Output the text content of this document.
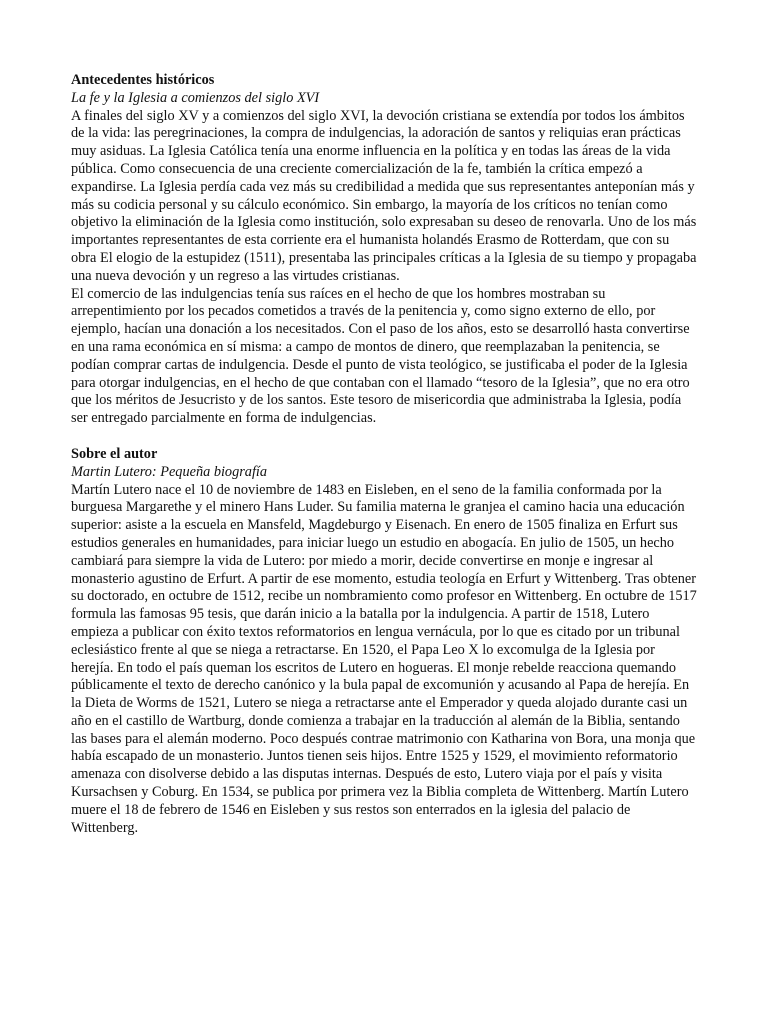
Antecedentes históricos

La fe y la Iglesia a comienzos del siglo XVI

A finales del siglo XV y a comienzos del siglo XVI, la devoción cristiana se extendía por todos los ámbitos de la vida: las peregrinaciones, la compra de indulgencias, la adoración de santos y reliquias eran prácticas muy asiduas. La Iglesia Católica tenía una enorme influencia en la política y en todas las áreas de la vida pública. Como consecuencia de una creciente comercialización de la fe, también la crítica empezó a expandirse. La Iglesia perdía cada vez más su credibilidad a medida que sus representantes anteponían más y más su codicia personal y su cálculo económico. Sin embargo, la mayoría de los críticos no tenían como objetivo la eliminación de la Iglesia como institución, solo expresaban su deseo de renovarla. Uno de los más importantes representantes de esta corriente era el humanista holandés Erasmo de Rotterdam, que con su obra El elogio de la estupidez (1511), presentaba las principales críticas a la Iglesia de su tiempo y propagaba una nueva devoción y un regreso a las virtudes cristianas.

El comercio de las indulgencias tenía sus raíces en el hecho de que los hombres mostraban su arrepentimiento por los pecados cometidos a través de la penitencia y, como signo externo de ello, por ejemplo, hacían una donación a los necesitados. Con el paso de los años, esto se desarrolló hasta convertirse en una rama económica en sí misma: a campo de montos de dinero, que reemplazaban la penitencia, se podían comprar cartas de indulgencia. Desde el punto de vista teológico, se justificaba el poder de la Iglesia para otorgar indulgencias, en el hecho de que contaban con el llamado “tesoro de la Iglesia”, que no era otro que los méritos de Jesucristo y de los santos. Este tesoro de misericordia que administraba la Iglesia, podía ser entregado parcialmente en forma de indulgencias.

Sobre el autor

Martin Lutero: Pequeña biografía

Martín Lutero nace el 10 de noviembre de 1483 en Eisleben, en el seno de la familia conformada por la burguesa Margarethe y el minero Hans Luder. Su familia materna le granjea el camino hacia una educación superior: asiste a la escuela en Mansfeld, Magdeburgo y Eisenach. En enero de 1505 finaliza en Erfurt sus estudios generales en humanidades, para iniciar luego un estudio en abogacía. En julio de 1505, un hecho cambiará para siempre la vida de Lutero: por miedo a morir, decide convertirse en monje e ingresar al monasterio agustino de Erfurt. A partir de ese momento, estudia teología en Erfurt y Wittenberg. Tras obtener su doctorado, en octubre de 1512, recibe un nombramiento como profesor en Wittenberg. En octubre de 1517 formula las famosas 95 tesis, que darán inicio a la batalla por la indulgencia. A partir de 1518, Lutero empieza a publicar con éxito textos reformatorios en lengua vernácula, por lo que es citado por un tribunal eclesiástico frente al que se niega a retractarse. En 1520, el Papa Leo X lo excomulga de la Iglesia por herejía. En todo el país queman los escritos de Lutero en hogueras. El monje rebelde reacciona quemando públicamente el texto de derecho canónico y la bula papal de excomunión y acusando al Papa de herejía. En la Dieta de Worms de 1521, Lutero se niega a retractarse ante el Emperador y queda alojado durante casi un año en el castillo de Wartburg, donde comienza a trabajar en la traducción al alemán de la Biblia, sentando las bases para el alemán moderno. Poco después contrae matrimonio con Katharina von Bora, una monja que había escapado de un monasterio. Juntos tienen seis hijos. Entre 1525 y 1529, el movimiento reformatorio amenaza con disolverse debido a las disputas internas. Después de esto, Lutero viaja por el país y visita Kursachsen y Coburg. En 1534, se publica por primera vez la Biblia completa de Wittenberg. Martín Lutero muere el 18 de febrero de 1546 en Eisleben y sus restos son enterrados en la iglesia del palacio de Wittenberg.
